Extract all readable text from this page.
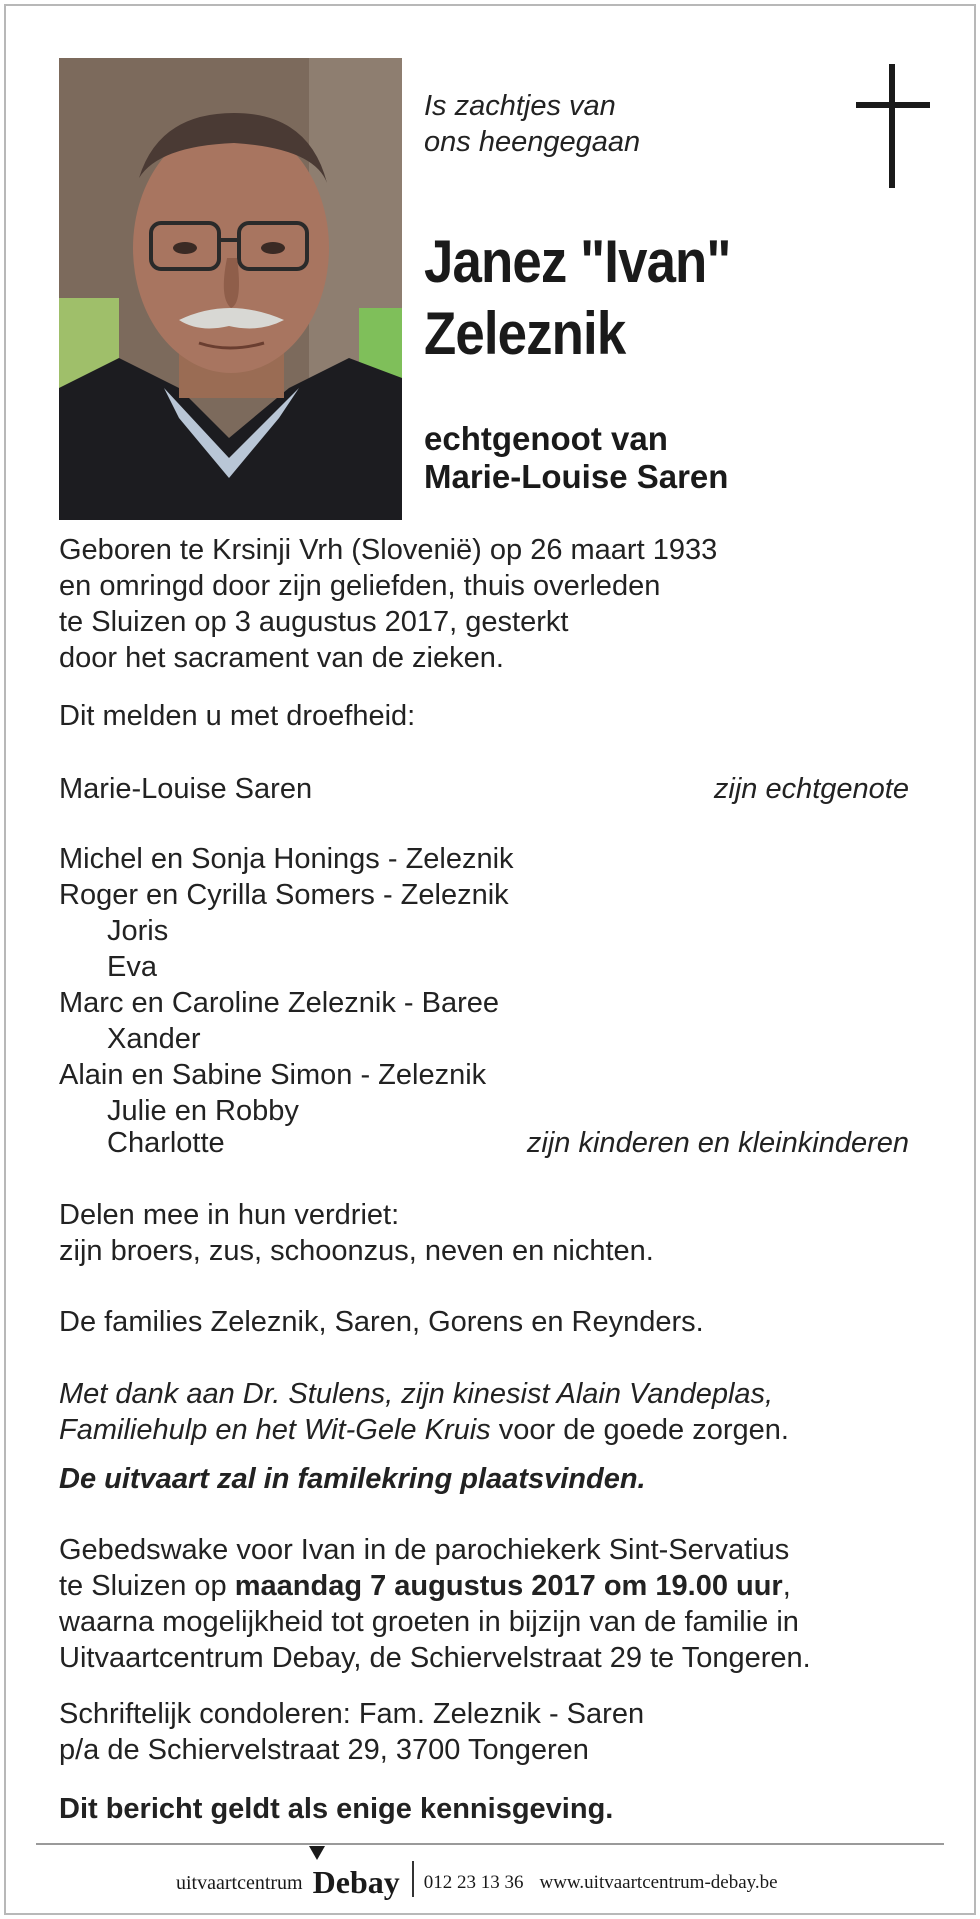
Is zachtjes van
ons heengegaan
Janez "Ivan"
Zeleznik
echtgenoot van
Marie-Louise Saren
Geboren te Krsinji Vrh (Slovenië) op 26 maart 1933
en omringd door zijn geliefden, thuis overleden
te Sluizen op 3 augustus 2017, gesterkt
door het sacrament van de zieken.
Dit melden u met droefheid:
Marie-Louise Saren	zijn echtgenote
Michel en Sonja Honings - Zeleznik
Roger en Cyrilla Somers - Zeleznik
Joris
Eva
Marc en Caroline Zeleznik - Baree
Xander
Alain en Sabine Simon - Zeleznik
Julie en Robby
Charlotte	zijn kinderen en kleinkinderen
Delen mee in hun verdriet:
zijn broers, zus, schoonzus, neven en nichten.
De families Zeleznik, Saren, Gorens en Reynders.
Met dank aan Dr. Stulens, zijn kinesist Alain Vandeplas,
Familiehulp en het Wit-Gele Kruis voor de goede zorgen.
De uitvaart zal in familekring plaatsvinden.
Gebedswake voor Ivan in de parochiekerk Sint-Servatius
te Sluizen op maandag 7 augustus 2017 om 19.00 uur,
waarna mogelijkheid tot groeten in bijzijn van de familie in
Uitvaartcentrum Debay, de Schiervelstraat 29 te Tongeren.
Schriftelijk condoleren: Fam. Zeleznik - Saren
p/a de Schiervelstraat 29, 3700 Tongeren
Dit bericht geldt als enige kennisgeving.
uitvaartcentrum Debay 012 23 13 36 www.uitvaartcentrum-debay.be
